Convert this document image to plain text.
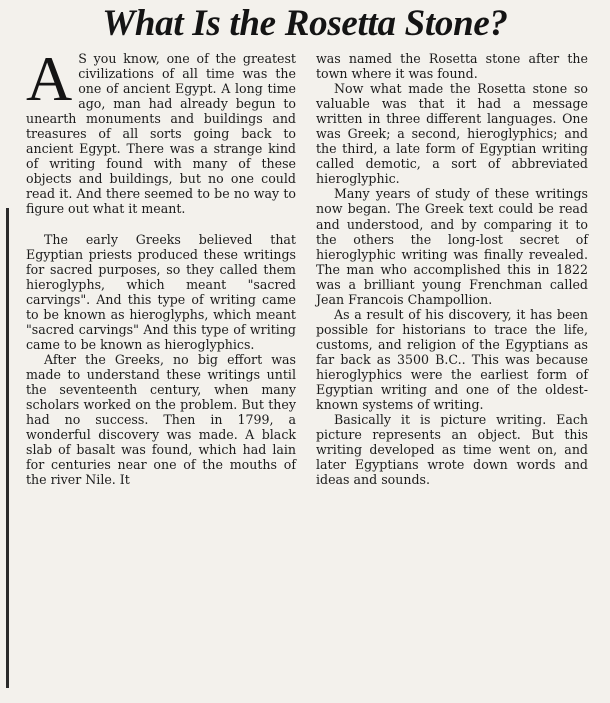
What Is the Rosetta Stone?

A S you know, one of the greatest civilizations of all time was the one of ancient Egypt. A long time ago, man had already begun to unearth monuments and buildings and treasures of all sorts going back to ancient Egypt. There was a strange kind of writing found with many of these objects and buildings, but no one could read it. And there seemed to be no way to figure out what it meant.

The early Greeks believed that Egyptian priests produced these writings for sacred purposes, so they called them hieroglyphs, which meant "sacred carvings". And this type of writing came to be known as hieroglyphs, which meant "sacred carvings" And this type of writing came to be known as hieroglyphics.

After the Greeks, no big effort was made to understand these writings until the seventeenth century, when many scholars worked on the problem. But they had no success. Then in 1799, a wonderful discovery was made. A black slab of basalt was found, which had lain for centuries near one of the mouths of the river Nile. It

was named the Rosetta stone after the town where it was found.

Now what made the Rosetta stone so valuable was that it had a message written in three different languages. One was Greek; a second, hieroglyphics; and the third, a late form of Egyptian writing called demotic, a sort of abbreviated hieroglyphic.

Many years of study of these writings now began. The Greek text could be read and understood, and by comparing it to the others the long-lost secret of hieroglyphic writing was finally revealed. The man who accomplished this in 1822 was a brilliant young Frenchman called Jean Francois Champollion.

As a result of his discovery, it has been possible for historians to trace the life, customs, and religion of the Egyptians as far back as 3500 B.C.. This was because hieroglyphics were the earliest form of Egyptian writing and one of the oldest-known systems of writing.

Basically it is picture writing. Each picture represents an object. But this writing developed as time went on, and later Egyptians wrote down words and ideas and sounds.
